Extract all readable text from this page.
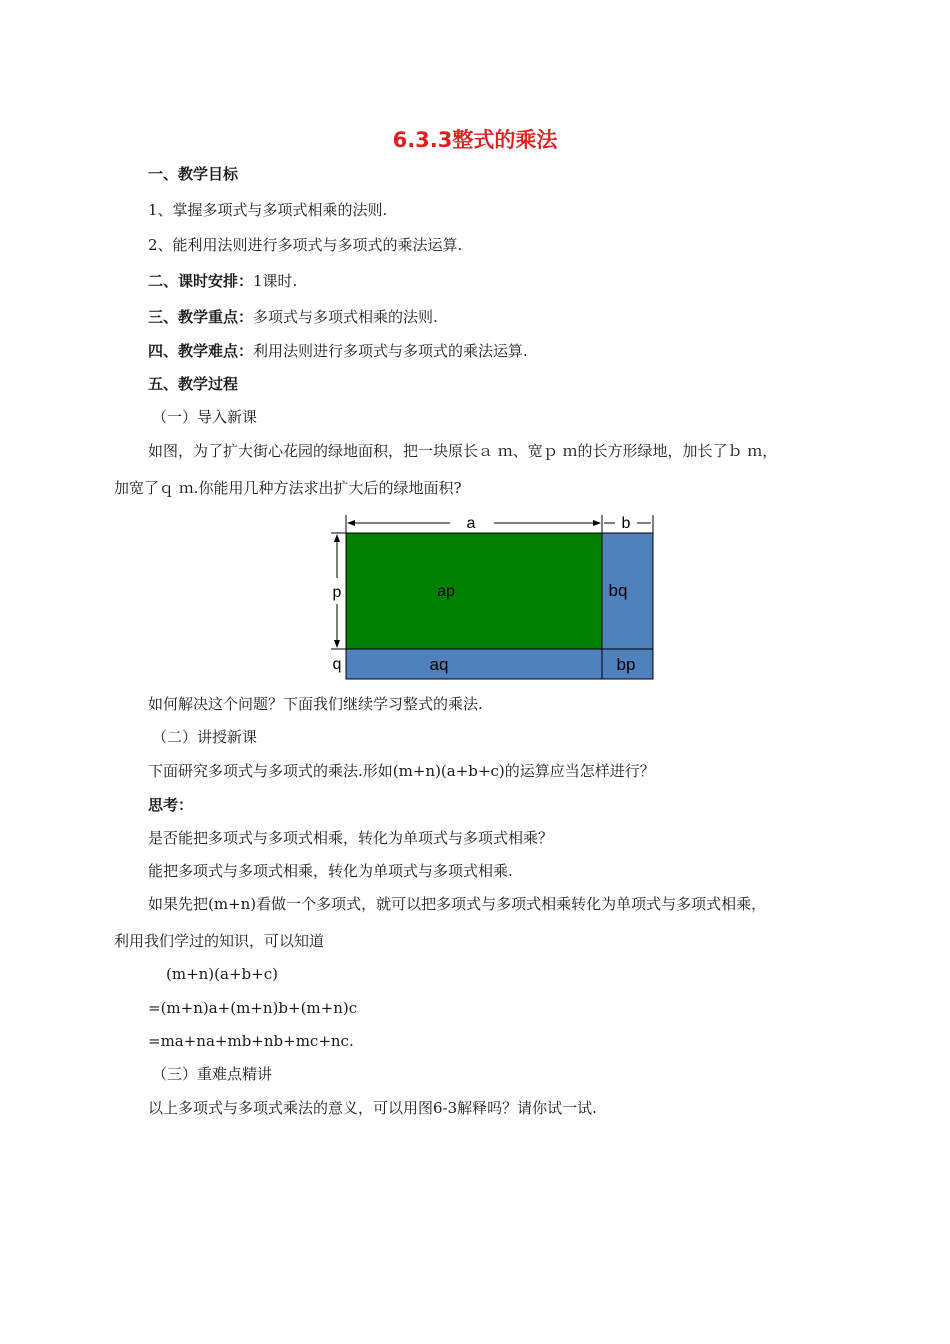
6.3.3整式的乘法
一、教学目标
1、掌握多项式与多项式相乘的法则.
2、能利用法则进行多项式与多项式的乘法运算.
二、课时安排：1课时.
三、教学重点：多项式与多项式相乘的法则.
四、教学难点：利用法则进行多项式与多项式的乘法运算.
五、教学过程
（一）导入新课
如图，为了扩大街心花园的绿地面积，把一块原长ａ ｍ、宽ｐ ｍ的长方形绿地，加长了ｂ ｍ，
加宽了ｑ ｍ.你能用几种方法求出扩大后的绿地面积?
a	b
p
q
ap	bq
aq	bp
如何解决这个问题？下面我们继续学习整式的乘法.
（二）讲授新课
下面研究多项式与多项式的乘法.形如(m+n)(a+b+c)的运算应当怎样进行？
思考：
是否能把多项式与多项式相乘，转化为单项式与多项式相乘？
能把多项式与多项式相乘，转化为单项式与多项式相乘.
如果先把(m+n)看做一个多项式，就可以把多项式与多项式相乘转化为单项式与多项式相乘，
利用我们学过的知识，可以知道
(m+n)(a+b+c)
=(m+n)a+(m+n)b+(m+n)c
=ma+na+mb+nb+mc+nc.
（三）重难点精讲
以上多项式与多项式乘法的意义，可以用图6-3解释吗？请你试一试.
